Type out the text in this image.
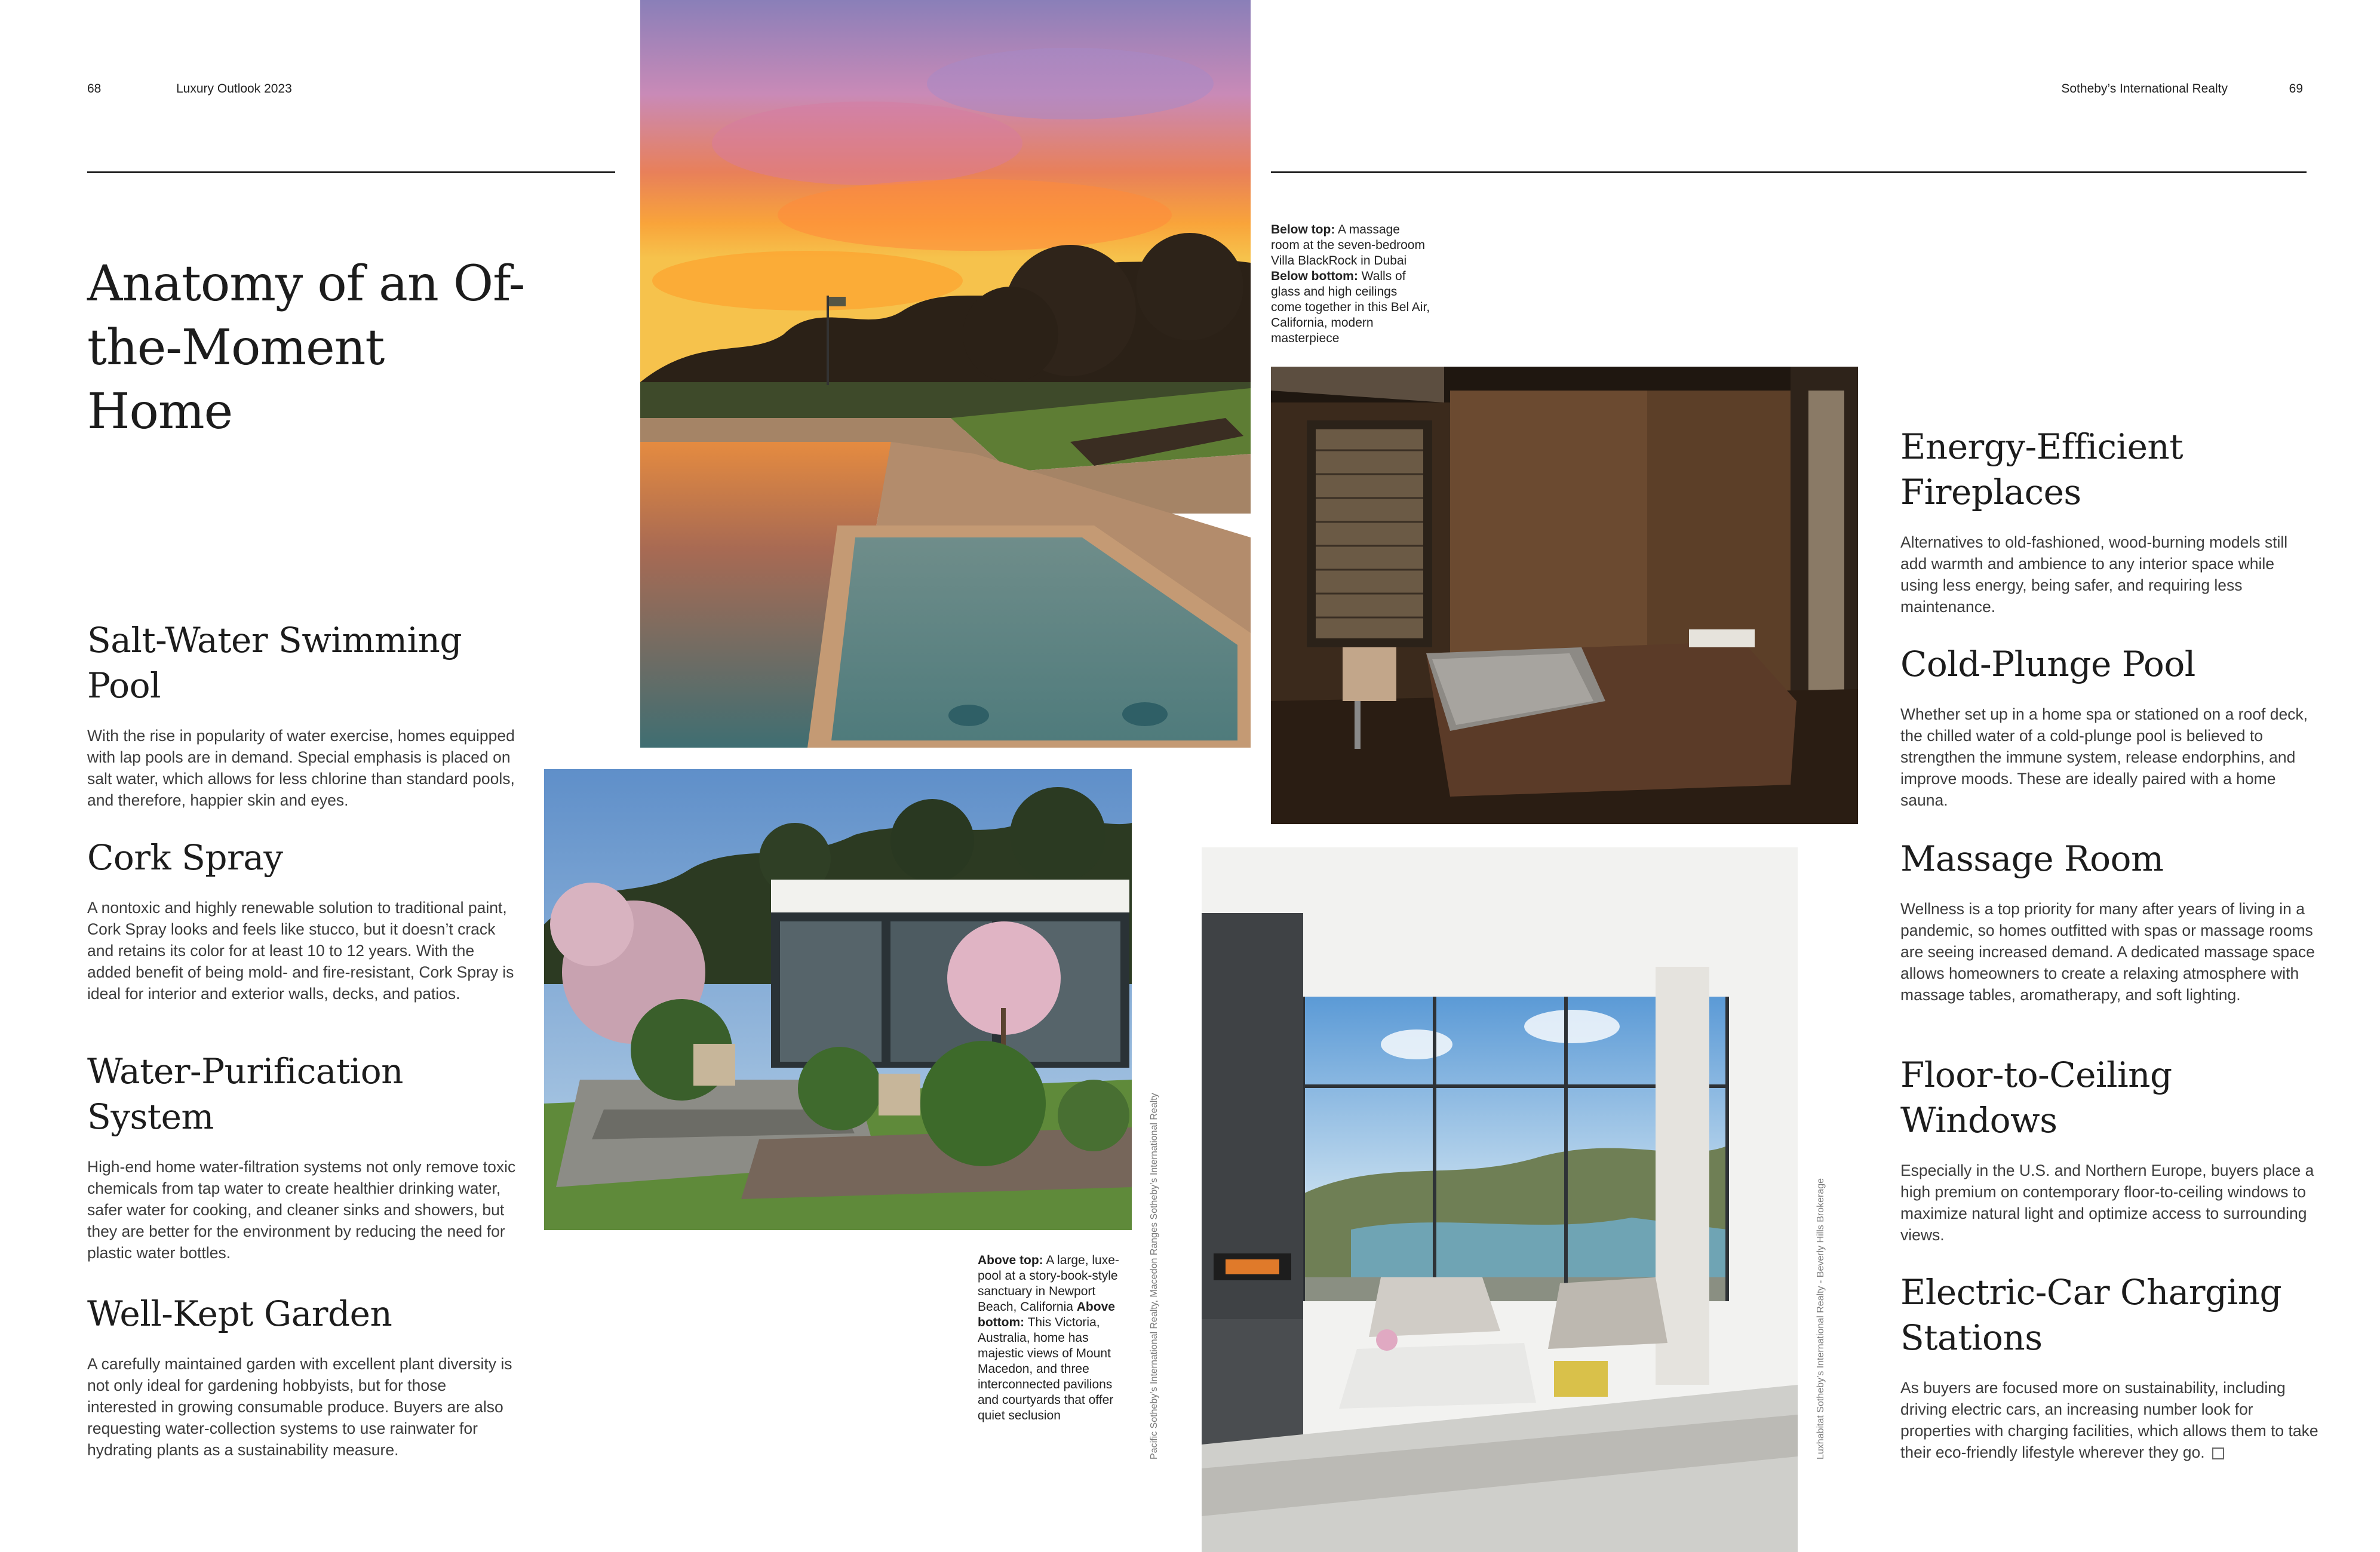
68	Luxury Outlook 2023	Sotheby’s International Realty	69
Anatomy of an Of-the-Moment Home
Salt-Water Swimming Pool

With the rise in popularity of water exercise, homes equipped with lap pools are in demand. Special emphasis is placed on salt water, which allows for less chlorine than standard pools, and therefore, happier skin and eyes.

Cork Spray

A nontoxic and highly renewable solution to traditional paint, Cork Spray looks and feels like stucco, but it doesn’t crack and retains its color for at least 10 to 12 years. With the added benefit of being mold- and fire-resistant, Cork Spray is ideal for interior and exterior walls, decks, and patios.

Water-Purification System

High-end home water-filtration systems not only remove toxic chemicals from tap water to create healthier drinking water, safer water for cooking, and cleaner sinks and showers, but they are better for the environment by reducing the need for plastic water bottles.

Well-Kept Garden

A carefully maintained garden with excellent plant diversity is not only ideal for gardening hobbyists, but for those interested in growing consumable produce. Buyers are also requesting water-collection systems to use rainwater for hydrating plants as a sustainability measure.

Energy-Efficient Fireplaces

Alternatives to old-fashioned, wood-burning models still add warmth and ambience to any interior space while using less energy, being safer, and requiring less maintenance.

Cold-Plunge Pool

Whether set up in a home spa or stationed on a roof deck, the chilled water of a cold-plunge pool is believed to strengthen the immune system, release endorphins, and improve moods. These are ideally paired with a home sauna.

Massage Room

Wellness is a top priority for many after years of living in a pandemic, so homes outfitted with spas or massage rooms are seeing increased demand. A dedicated massage space allows homeowners to create a relaxing atmosphere with massage tables, aromatherapy, and soft lighting.

Floor-to-Ceiling Windows

Especially in the U.S. and Northern Europe, buyers place a high premium on contemporary floor-to-ceiling windows to maximize natural light and optimize access to surrounding views.

Electric-Car Charging Stations

As buyers are focused more on sustainability, including driving electric cars, an increasing number look for properties with charging facilities, which allows them to take their eco-friendly lifestyle wherever they go.

Above top: A large, luxe-pool at a story-book-style sanctuary in Newport Beach, California Above bottom: This Victoria, Australia, home has majestic views of Mount Macedon, and three interconnected pavilions and courtyards that offer quiet seclusion

Below top: A massage room at the seven-bedroom Villa BlackRock in Dubai Below bottom: Walls of glass and high ceilings come together in this Bel Air, California, modern masterpiece

Pacific Sotheby’s International Realty, Macedon Ranges Sotheby’s International Realty	Luxhabitat Sotheby’s International Realty - Beverly Hills Brokerage
